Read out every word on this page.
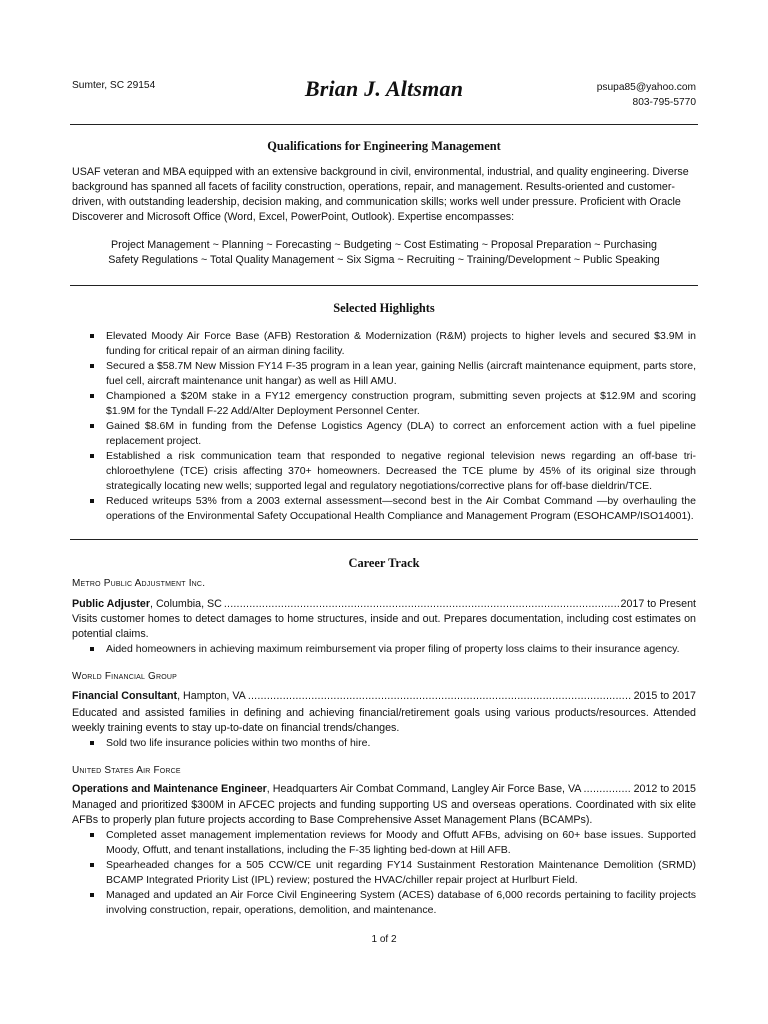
Sumter, SC 29154	Brian J. Altsman	psupa85@yahoo.com
803-795-5770
Qualifications for Engineering Management
USAF veteran and MBA equipped with an extensive background in civil, environmental, industrial, and quality engineering. Diverse background has spanned all facets of facility construction, operations, repair, and management. Results-oriented and customer-driven, with outstanding leadership, decision making, and communication skills; works well under pressure. Proficient with Oracle Discoverer and Microsoft Office (Word, Excel, PowerPoint, Outlook). Expertise encompasses:
Project Management ~ Planning ~ Forecasting ~ Budgeting ~ Cost Estimating ~ Proposal Preparation ~ Purchasing
Safety Regulations ~ Total Quality Management ~ Six Sigma ~ Recruiting ~ Training/Development ~ Public Speaking
Selected Highlights
Elevated Moody Air Force Base (AFB) Restoration & Modernization (R&M) projects to higher levels and secured $3.9M in funding for critical repair of an airman dining facility.
Secured a $58.7M New Mission FY14 F-35 program in a lean year, gaining Nellis (aircraft maintenance equipment, parts store, fuel cell, aircraft maintenance unit hangar) as well as Hill AMU.
Championed a $20M stake in a FY12 emergency construction program, submitting seven projects at $12.9M and scoring $1.9M for the Tyndall F-22 Add/Alter Deployment Personnel Center.
Gained $8.6M in funding from the Defense Logistics Agency (DLA) to correct an enforcement action with a fuel pipeline replacement project.
Established a risk communication team that responded to negative regional television news regarding an off-base tri-chloroethylene (TCE) crisis affecting 370+ homeowners. Decreased the TCE plume by 45% of its original size through strategically locating new wells; supported legal and regulatory negotiations/corrective plans for off-base dieldrin/TCE.
Reduced writeups 53% from a 2003 external assessment—second best in the Air Combat Command —by overhauling the operations of the Environmental Safety Occupational Health Compliance and Management Program (ESOHCAMP/ISO14001).
Career Track
Metro Public Adjustment Inc.
Public Adjuster , Columbia, SC .....	2017 to Present
Visits customer homes to detect damages to home structures, inside and out. Prepares documentation, including cost estimates on potential claims.
Aided homeowners in achieving maximum reimbursement via proper filing of property loss claims to their insurance agency.
World Financial Group
Financial Consultant , Hampton, VA .....	2015 to 2017
Educated and assisted families in defining and achieving financial/retirement goals using various products/resources. Attended weekly training events to stay up-to-date on financial trends/changes.
Sold two life insurance policies within two months of hire.
United States Air Force
Operations and Maintenance Engineer , Headquarters Air Combat Command, Langley Air Force Base, VA .....	2012 to 2015
Managed and prioritized $300M in AFCEC projects and funding supporting US and overseas operations. Coordinated with six elite AFBs to properly plan future projects according to Base Comprehensive Asset Management Plans (BCAMPs).
Completed asset management implementation reviews for Moody and Offutt AFBs, advising on 60+ base issues. Supported Moody, Offutt, and tenant installations, including the F-35 lighting bed-down at Hill AFB.
Spearheaded changes for a 505 CCW/CE unit regarding FY14 Sustainment Restoration Maintenance Demolition (SRMD) BCAMP Integrated Priority List (IPL) review; postured the HVAC/chiller repair project at Hurlburt Field.
Managed and updated an Air Force Civil Engineering System (ACES) database of 6,000 records pertaining to facility projects involving construction, repair, operations, demolition, and maintenance.
1 of 2
